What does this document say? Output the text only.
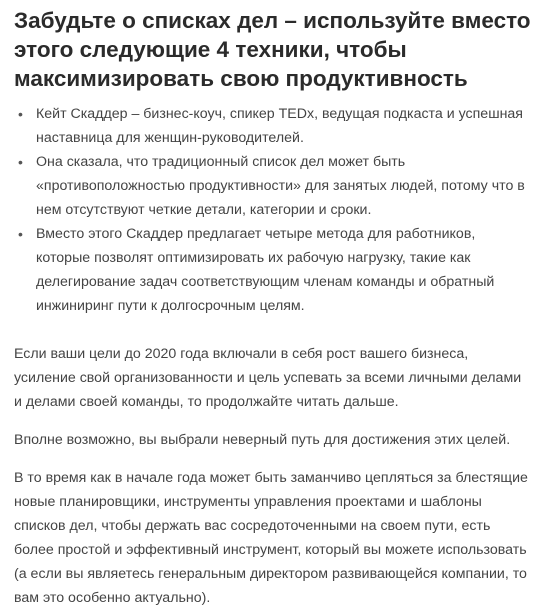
Забудьте о списках дел – используйте вместо этого следующие 4 техники, чтобы максимизировать свою продуктивность
• Кейт Скаддер – бизнес-коуч, спикер TEDx, ведущая подкаста и успешная наставница для женщин-руководителей.
• Она сказала, что традиционный список дел может быть «противоположностью продуктивности» для занятых людей, потому что в нем отсутствуют четкие детали, категории и сроки.
• Вместо этого Скаддер предлагает четыре метода для работников, которые позволят оптимизировать их рабочую нагрузку, такие как делегирование задач соответствующим членам команды и обратный инжиниринг пути к долгосрочным целям.

Если ваши цели до 2020 года включали в себя рост вашего бизнеса, усиление свой организованности и цель успевать за всеми личными делами и делами своей команды, то продолжайте читать дальше.

Вполне возможно, вы выбрали неверный путь для достижения этих целей.

В то время как в начале года может быть заманчиво цепляться за блестящие новые планировщики, инструменты управления проектами и шаблоны списков дел, чтобы держать вас сосредоточенными на своем пути, есть более простой и эффективный инструмент, который вы можете использовать (а если вы являетесь генеральным директором развивающейся компании, то вам это особенно актуально).
